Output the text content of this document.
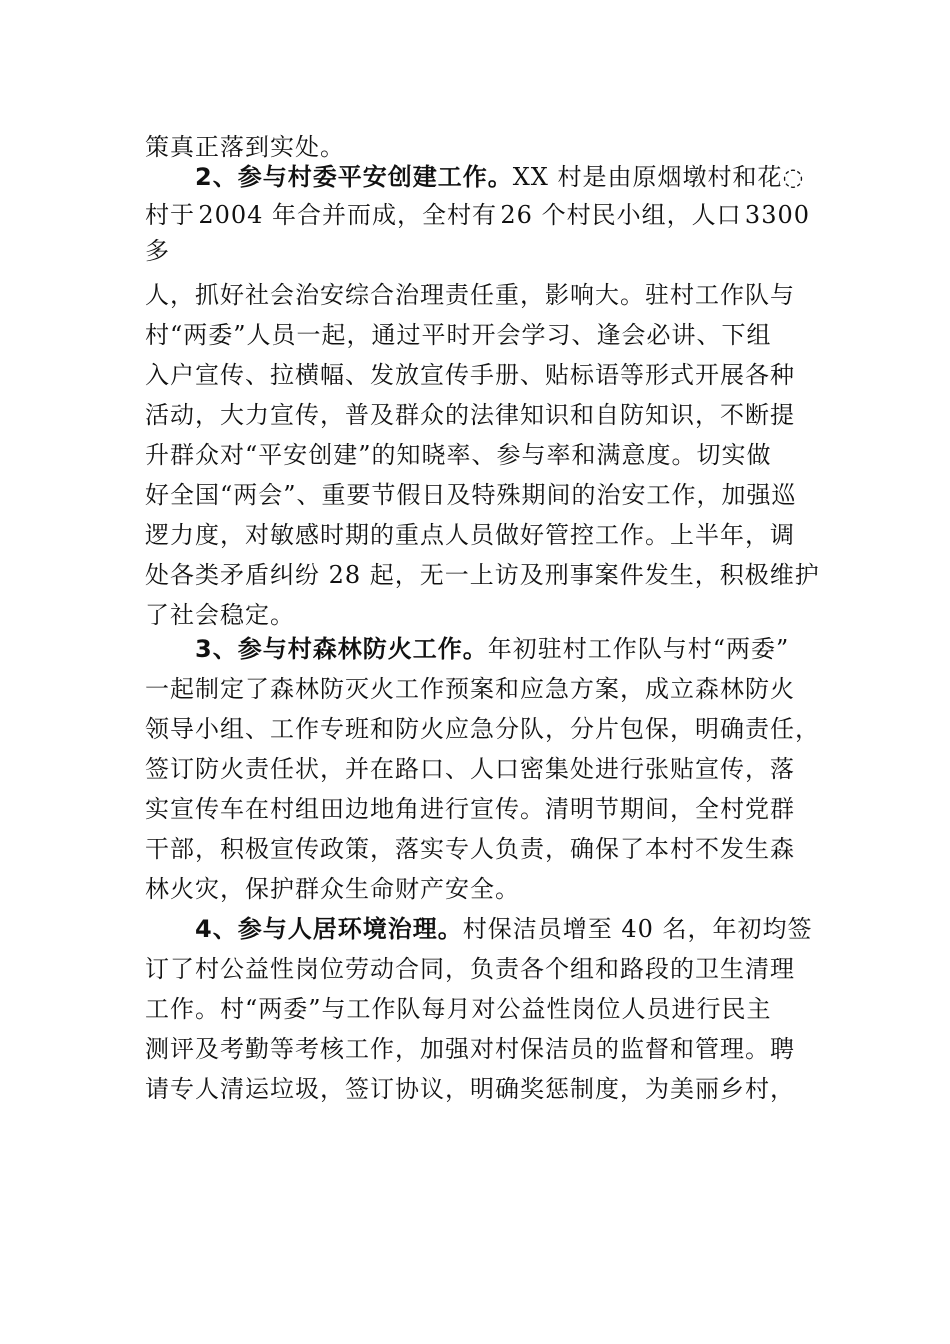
策真正落到实处。
2、参与村委平安创建工作。XX 村是由原烟墩村和花◌
村于 2004 年合并而成，全村有 26 个村民小组，人口 3300
多
人，抓好社会治安综合治理责任重，影响大。驻村工作队与
村“两委”人员一起，通过平时开会学习、逢会必讲、下组
入户宣传、拉横幅、发放宣传手册、贴标语等形式开展各种
活动，大力宣传，普及群众的法律知识和自防知识，不断提
升群众对“平安创建”的知晓率、参与率和满意度。切实做
好全国“两会”、重要节假日及特殊期间的治安工作，加强巡
逻力度，对敏感时期的重点人员做好管控工作。上半年，调
处各类矛盾纠纷 28 起，无一上访及刑事案件发生，积极维护
了社会稳定。
3、参与村森林防火工作。年初驻村工作队与村“两委”
一起制定了森林防灭火工作预案和应急方案，成立森林防火
领导小组、工作专班和防火应急分队，分片包保，明确责任，
签订防火责任状，并在路口、人口密集处进行张贴宣传，落
实宣传车在村组田边地角进行宣传。清明节期间，全村党群
干部，积极宣传政策，落实专人负责，确保了本村不发生森
林火灾，保护群众生命财产安全。
4、参与人居环境治理。村保洁员增至 40 名，年初均签
订了村公益性岗位劳动合同，负责各个组和路段的卫生清理
工作。村“两委”与工作队每月对公益性岗位人员进行民主
测评及考勤等考核工作，加强对村保洁员的监督和管理。聘
请专人清运垃圾，签订协议，明确奖惩制度，为美丽乡村，
